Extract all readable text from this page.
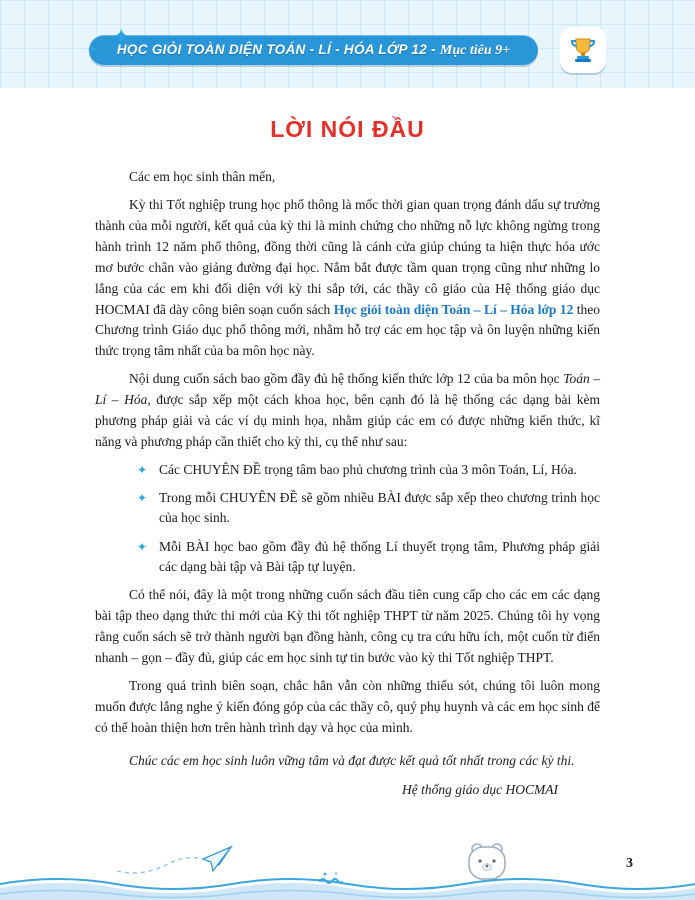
✦
✦
HỌC GIỎI TOÀN DIỆN TOÁN - LÍ - HÓA LỚP 12 - Mục tiêu 9+
LỜI NÓI ĐẦU

Các em học sinh thân mến,

Kỳ thi Tốt nghiệp trung học phổ thông là mốc thời gian quan trọng đánh dấu sự trưởng thành của mỗi người, kết quả của kỳ thi là minh chứng cho những nỗ lực không ngừng trong hành trình 12 năm phổ thông, đồng thời cũng là cánh cửa giúp chúng ta hiện thực hóa ước mơ bước chân vào giảng đường đại học. Nắm bắt được tầm quan trọng cũng như những lo lắng của các em khi đối diện với kỳ thi sắp tới, các thầy cô giáo của Hệ thống giáo dục HOCMAI đã dày công biên soạn cuốn sách Học giỏi toàn diện Toán – Lí – Hóa lớp 12 theo Chương trình Giáo dục phổ thông mới, nhằm hỗ trợ các em học tập và ôn luyện những kiến thức trọng tâm nhất của ba môn học này.

Nội dung cuốn sách bao gồm đầy đủ hệ thống kiến thức lớp 12 của ba môn học Toán – Lí – Hóa, được sắp xếp một cách khoa học, bên cạnh đó là hệ thống các dạng bài kèm phương pháp giải và các ví dụ minh họa, nhằm giúp các em có được những kiến thức, kĩ năng và phương pháp cần thiết cho kỳ thi, cụ thể như sau:

✦ Các CHUYÊN ĐỀ trọng tâm bao phủ chương trình của 3 môn Toán, Lí, Hóa.
✦ Trong mỗi CHUYÊN ĐỀ sẽ gồm nhiều BÀI được sắp xếp theo chương trình học của học sinh.
✦ Mỗi BÀI học bao gồm đầy đủ hệ thống Lí thuyết trọng tâm, Phương pháp giải các dạng bài tập và Bài tập tự luyện.

Có thể nói, đây là một trong những cuốn sách đầu tiên cung cấp cho các em các dạng bài tập theo dạng thức thi mới của Kỳ thi tốt nghiệp THPT từ năm 2025. Chúng tôi hy vọng rằng cuốn sách sẽ trở thành người bạn đồng hành, công cụ tra cứu hữu ích, một cuốn từ điển nhanh – gọn – đầy đủ, giúp các em học sinh tự tin bước vào kỳ thi Tốt nghiệp THPT.

Trong quá trình biên soạn, chắc hẳn vẫn còn những thiếu sót, chúng tôi luôn mong muốn được lắng nghe ý kiến đóng góp của các thầy cô, quý phụ huynh và các em học sinh để có thể hoàn thiện hơn trên hành trình dạy và học của mình.

Chúc các em học sinh luôn vững tâm và đạt được kết quả tốt nhất trong các kỳ thi.

Hệ thống giáo dục HOCMAI

3
